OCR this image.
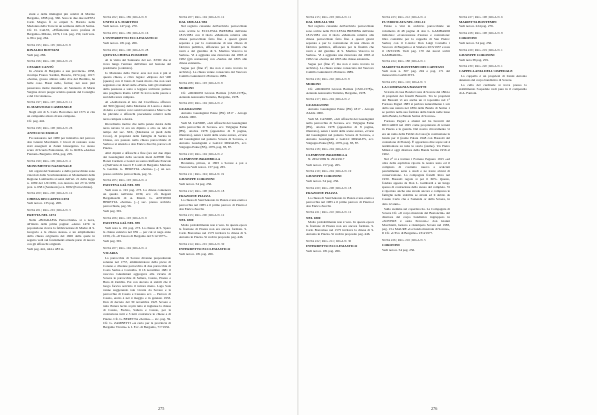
ziani e delle immagini più celebri di Marino Bergamo, 1898 pag. 360. Sono le due due nell'851 Carlo Magno fi ce eripuit S. Bartolo nella Madonna della Torre in un sermone della di Serina. Cfr. D. CALVI, «Effemeride sacro profana di Bergamo» Milano, 1676, I vol. pag. 159, vedi vers. n. 86 a pag. 264.
NOTA 195 | PAG. 195 | RIGA N. 8
RINALDO BOTTANI
Vedi pag. 286.
NOTA 196 | PAG. 196 | RIGA N. 21
CESARE CANTÙ
In «Storia di Bergamo e sua provincia» 1858, ricompa Franco Sardini, Brescia, 1974 pag. 1017: «Serina, grosso abitato sulle rive del Brembo, ha belle cose. Bassi nelle, fucine; nei suoi pini passavano molte mandrie. Al Santuario di Maria Vergine dovrò pregar sciabio quando del Consiglio e del Circolanteo».
NOTA 197 | PAG. 197 | RIGA N. 11
IL MAESTOSO CAMPANILE
Negli atti di S. Carlo Borromeo del 1575 si cita un campanile alzato di una campana.
Cfr. pag. 442.
NOTA 198 | PAG. 198 | RIGA N. 26
ANTICO SCUROLO
Fu restaurato nel 1980 per iniziativa del parroco don Gianni Morchietti. I lavori di restauro sono stati assegnati ai Zanni Giuseppino. Lo stesso scuro di Scuola Fantoniana, cfr. G. ROTA «Andrea Fantoni» Bergamo 1934, pag. 205.
NOTA 199 | PAG. 199 | RIGA N. 4
MONUMENTO NAZIONALE
Gli organi del Santuario e della parrocchiale sono vincolati dalla Sovrintendenza ai Monumenti della Regione Lombardia si sensi dell'art. 21 della legge n. 1089 del 1/6/1939, con decreto del 27/11/1959 prot. n. 6581 (Santuario) e n. 6582 (Parrocchiale).
NOTA 200 | PAG. 200 | RIGA N. 12
CHIESA DEI CAPPUCCINI
Vedi nota n. 135 pag. 268.
NOTA 201 | PAG. 201 | RIGA N. 3
ERETTA NEL 1474
Nella «BOGRAFIA Parrocchiale» si a nova, all'inizio della prima pagina: «Anno 1474: la popolazione riceve la fabbricazione di Madre di S. Gregorio e la chiesa stessa» e un ampliamento della chiesa originaria del 1606 della quale in seguito vedi sui fondamenti attuale parte di nuovo con gli affreschi originali.
Vedi pag. 441, 444 e 483 ss.
NOTA 202 | PAG. 189 | RIGA N. 8
UNITO A S. MARTINO
Vedi nota n. 147 pag. 270.
NOTA 203 | PAG. 189 | RIGA N. 16
L'INTERDETTO ECCLESIASTICO
Vedi nota n. 181 pag. 266.
NOTA 204 | PAG. 190 | RIGA N. 28
QUESTA CHIESA POSSIEDE
Al la visita del Santuario del sec. XVIII che si trova lungo l'entrare dell'altare sul bastone del presbiterio (a sinistra).
Io Madonna della Neve: eras noi non è più si questa chiesa, e clivo legato: «Riposo del '400 (questo) con il busto di Gesù morto che non sarà segnalato con diceri sulle «Pietà» tutti gli strumenti della passione e sotto a leggere scrittura: pulisce una preghiera Roma 1459! Si trova nella parete a sud della terza campata.
Al «Addolorata al lato del Crocifisso» affresco del '600 (ignoto) della Madonna di Loreto a destra di detto e cornice con i santi Giovanni e Marco che ha pluviale e affreschi precedente relativi nella terza campata a destra.
Ricordiamo inoltre che nella parete destra della terza navata vi era un dipinto a olio su tela di tempo del sec. XIX, (Madonna ai piedi della Croce), di proprietà della famiglia di Serina in Chiesa, ora passato nella chiesa parrocchiale di Serina e si attendo a don Enrico Zucchi, parroco di Piazza.
Altri dipinti e affreschi a fine (ora sul due dipre dei Guadagnini della seconda metà dell'800 fino Bonzi Carmelo e Gonzi su sonno Raffaele Pancole e (Nell'Arte di Gucci F. Ladri di Bergamo Mariano S. Gardini. G. BERETTA «Serina» [...] un sec. presso archivio parrocchiale, pag. 51.
NOTA 205 | PAG. 193 | RIGA N. 4
ESISTEVA GIÀ NEL 959
Vedi nota n. 191 pag. 273. La chiesa conteneva un quadro nell'anno 1039, ecc. cfr. Regesti Bergamaschi di A. Mazzi. G. ANTONIO BERETTA «Serina» [...] sec. presso archivio parrocchiale, pag. 56.
Vedi pag. 391.
NOTA 206 | PAG. 193 | RIGA N. 9
ESISTEVA GIÀ NEL 959
Vedi nota n. 191 pag. 273. La chiesa di S. Sparo la chiesa esisteva nel 959 ... per cui si nega anno 1039, cfr. «Il Tesoro di Bergamo del 5/12/1977».
Vedi pag. 391.
NOTA 207 | PAG. 194 | RIGA N. 4
VICARIA
La parrocchia di Sovere divenne prepositurale solenne nel 1757, amministratore della pieve di Conano e divenne parrocchia di due parrocchie di Costa Serina e Cornalba. Il 16 novembre 1681 il vescovo Giustiniani aggregava alla vicaria di Sovere le parrocchie di Saliera, Cassio, Piazzo e Bura di Zambla. Poi con decreto si stabilì che il luogo faceva servizio il tuttora meno. Laga Sola venne suggerendo tale vicaria da Sovere e la parrocchie di Cassio e Cassano ecc. ... Parroco di Cassio, eretto è nel 4 maggio e in gennaio 1933. Don di decreto del 30 novembre 1925 Sovere e tutta l'intera lecito si più tutto si ingiunse la chiesa di Cassio, Fucino, Saliera e Cassio, per la costruzione tutti e 3 tutti costruisce le chiese e di Piazze. Cfr. G. BERETTA «Serina» ... sic. pag. 59. Cfr. G. ZAMBETTI «A certo per la provincia di Bergamo Vicaria» n. I. Ecc. di Bergamo, 7/7/1932.
NOTA 207 | PAG. 194 | RIGA N. 12
DAL 1808 ALL'881
Nel registro catastale dell'archivio parrocchiale sono scritte le ECCLESIA BREMBA dell'anno 1815/1881 con il titolo «Memoria relativa alla chiesa parrocchiale fatto fino a questi giorni separata e per la costruzione di una chiesa di fabbrica pubblica, affiancata per la finalità che verrà e dal giardino di S. Martino Vescovo in Serina». Vi è aggiunta una rinnovata dal 1893 al 1982 (già restaurata) con «Serina dal 1805 alle chiese esistenti».
Segue poi (fine 2ª, ma non è stato trovato in archivio). La chiesa venne consacrata dal Vescovo Camillo Guindani il 28 marzo 1889.
NOTA 208 | PAG. 193 | RIGA N. 8
MORONI
Cfr. «MORONI Giovan Battista (1520-1578)», Azienda Autonoma Turismo, Bergamo, 1978.
NOTA 209 | PAG. 194 | RIGA N. 2
GUADAGNINI
Antonio Guadagnini Esine (BS) 1817 - Arrogn d'Adda 1900.
Vedi M. CANDIE, «Gli affreschi dei Guadagnini nella parrocchia di Sovere» ecc. Valgugna Esine (BS), ottobre 1978 (appendice di 8 pagine, illustrato), senza i nomi delle scene autore, «L'arte del Guadagnini nel palazzo Sovere di Sovere», e Antonio Guadagnini e GALLI MIRALES, ecc. Valgugna Esine (BS), 1979, pag. 83, 87.
NOTA 210 | PAG. 194 | RIGA N. 2
CLEMENTE BRAMBILLA
Bronzista, pittore, si 1803 a Sovere e poi a Trescore Vedi nota n. 157 pag. 265.
NOTA 211 | PAG. 194 | RIGA N. 19
GIUSEPPE CORONINI
Vedi nota n. 54 pag. 256.
NOTA 212 | PAG. 198 | RIGA N. 18
FRAZIONE PIAZZA
La chiesa di Sant'Antonio in Piazza è una eretta a parrocchia nel 1983 e il primo parroco di Piazza è don Enrico Zucchi.
NOTA 213 | PAG. 200 | RIGA N. 12
NEL 1800
Molto probabilmente non è vero. In questa epoca la frazione di Piazza non era ancora formata. S. Carlo Borromeo nel 1575 invitava la chiesa di S. Antonio in Piazza. Si vedi in proposito pag. 446.
NOTA 214 | PAG. 201 | RIGA N. 30
INTERDETTO ECCLESIASTICO
Vedi nota n. 181 pag. 266.
275
NOTA 215 | PAG. 203 | RIGA N. 11
DAL 1808 ALL'881
Nel registro catastale dell'archivio parrocchiale sono scritte nelle ECCLESIA BREMBA dell'anno 1815/1881 con il titolo «Memoria relativa alla chiesa parrocchiale fatto fino a questi giorni separata e per la costruzione di una chiesa di fabbrica pubblica, affiancata per la finalità che verrà e dal giardino di S. Martino Vescovo in Serina». Vi è aggiunta una rinnovata dal 1893 al 1982 con «Serina dal 1805 alle chiese esistenti».
Segue poi (fine 2ª, ma non è stato trovato in archivio). La chiesa venne consacrata dal Vescovo Camillo Guindani il 28 marzo 1889.
NOTA 216 | PAG. 202 | RIGA N. 8
MORONI
Cfr. «MORONI Giovan Battista (1520-1578)», Azienda Autonoma Turismo, Bergamo, 1978.
NOTA 217 | PAG. 204 | RIGA N. 2
GUADAGNINI
Antonio Guadagnini Esine (BS) 1817 - Arrogn d'Adda 1900.
Vedi M. CANDIE, «Gli affreschi dei Guadagnini nella parrocchia di Sovere» ecc. Valgugna Esine (BS), ottobre 1978 (appendice di 8 pagine, illustrato), senza i nomi delle scene autore, «L'arte del Guadagnini nel palazzo Sovere di Sovere», e Antonio Guadagnini e GALLI MIRALES, ecc. Valgugna Esine (BS), 1979, pag. 83, 87.
NOTA 218 | PAG. 204 | RIGA N. 2
CLEMENTE BRAMBILLA
N. 2652/1869 N. 29/4/1917
Vedi nota n. 157 pag. 265.
NOTA 219 | PAG. 204 | RIGA N. 19
GIUSEPPE CORONINI
Vedi nota n. 54 pag. 256.
NOTA 220 | PAG. 208 | RIGA N. 18
FRAZIONE PIAZZA
La chiesa di Sant'Antonio in Piazza è una eretta a parrocchia nel 1983 e il primo parroco di Piazza è don Enrico Zucchi.
NOTA 221 | PAG. 210 | RIGA N. 12
NEL 1800
Molto probabilmente non è vero. In questa epoca la frazione di Piazza non era ancora formata. S. Carlo Borromeo nel 1575 invitava la chiesa di S. Antonio in Piazza. Si vedi in proposito pag. 446.
NOTA 222 | PAG. 211 | RIGA N. 30
INTERDETTO ECCLESIASTICO
Vedi nota n. 181 pag. 266.
NOTA 223 | PAG. 212 | RIGA N. 4
FU EDIFICATA NEL 1911-12
Esiste a vini in archivio parrocchiale un volumetto di 48 pagine di don L. GAMBARDI intitolato: «Concessione d'autore e costruzione: libro contabile per la cappella di San Pietro: Serina; con il C.ntola: Don Luigi Cornella i Vescovo di Bergamo e al Sindaco 20/3/1937 e nota il 18/3/1938. Vedi pag. 170 dei nuovi scritti GAMBARDI».
NOTA 224 | PAG. 188 | RIGA N. 1
MARIETTA BONTEMPI DEI CAPITANI
Vedi note n. 307 pag. 294 e pag. 171 del manoscritto GANCITTI.
NOTA 225 | PAG. 116 | RIGA N. 3
LA COMPAGNIA BASSOTTI
Si tratta di casa Bonda Costa di Sovere dal 1864 e di proprietà dei fratelli Bassotti. Tra le proprietà dei Bassotti vi era anche un ri toponimo nel 1° Fornaso Peguri 1883 si parlava naturalmente 1 scn della sua natura nel 1884 della Banda di Serina 1 se partiva nella sua formata della banda nelle lasse della Banda, la Banda Serina di Sovere».
Fornaso Peguri e alunni sul ha brevetti dal RICCARDI nel 1925 come proprietario di terreni in Piazza e la guarda. Dal nostro ritrovamento vi era un ramo della Fabbri da Casa (la costituzione la banda per il (nome Palaia 1948 con Bassotti del costuzione di Piazza). È opportuno dire sopre sul 4 testimoniare su tutte le storia (siamo). Un Pietro Milesi è oggi direttore della Banda Serina 1956 al 1962.
Nel 2° si a trattare i Fornaso Peguero 1915 «ed oltre della esplicitas riporta la nostra testo ed il compiuto di costrutto nuovo a scalciati parzialmente serie a studi e ne trarre alcuni di conservazione. La compagnia fratelli Rota nel 1930. Bassotti regola si poi il 60%. Questo, fondata appena da Don L. Gambardi e un lungo spesso di costruzione dello stesso del completo. Vi è riportato anche una strada ancora e compresa le famiglie nello stabilite se alcuni ed il debito da Casuto Carlo che e l'azienda or della Sovere, in data 12 anni».
Sullo stemma sul copertina ha. La Compagnia di Sovere Cfr. «Il corpo musicale del Bastoncini» del direttore del corpo bandistico ingruppato in «SOVERE è ossia Percorsi»: don Gianni Morchietti, lazzaro e ristampato Sovere nel 1983, pag. 13 e MAURE «La banda musicale di Sovere», Il Cfr. «L'Eco di Bergamo» 23/4/1977.
NOTA 226 | PAG. 216 | RIGA N. 5
CORONINI
Vedi nota n. 54 pag. 256.
NOTA 227 | PAG. 198 | RIGA N. 6
MARIETTA BONTEMPI
Vedi nota n. 224 pag. 276.
NOTA 228 | PAG. 198 | RIGA N. 8
CORONINI
Vedi nota n. 54 pag. 256.
NOTA 229 | PAG. 219 | RIGA N. 1
GIUSEPPE CORONINI
Vedi nota 38 pag. 259.
NOTA 230 | PAG. 220 | RIGA N. 1
CAPPELLANIA DELL'OSPEDALE
La cappella è un proprietà di Zanni Antonio detenuto del corpo bandistico di Sovere.
La cella del cardinale si trova presso lo stabilimento l'ospedale vedi pure in il compendio di A. Fantoni.
276
